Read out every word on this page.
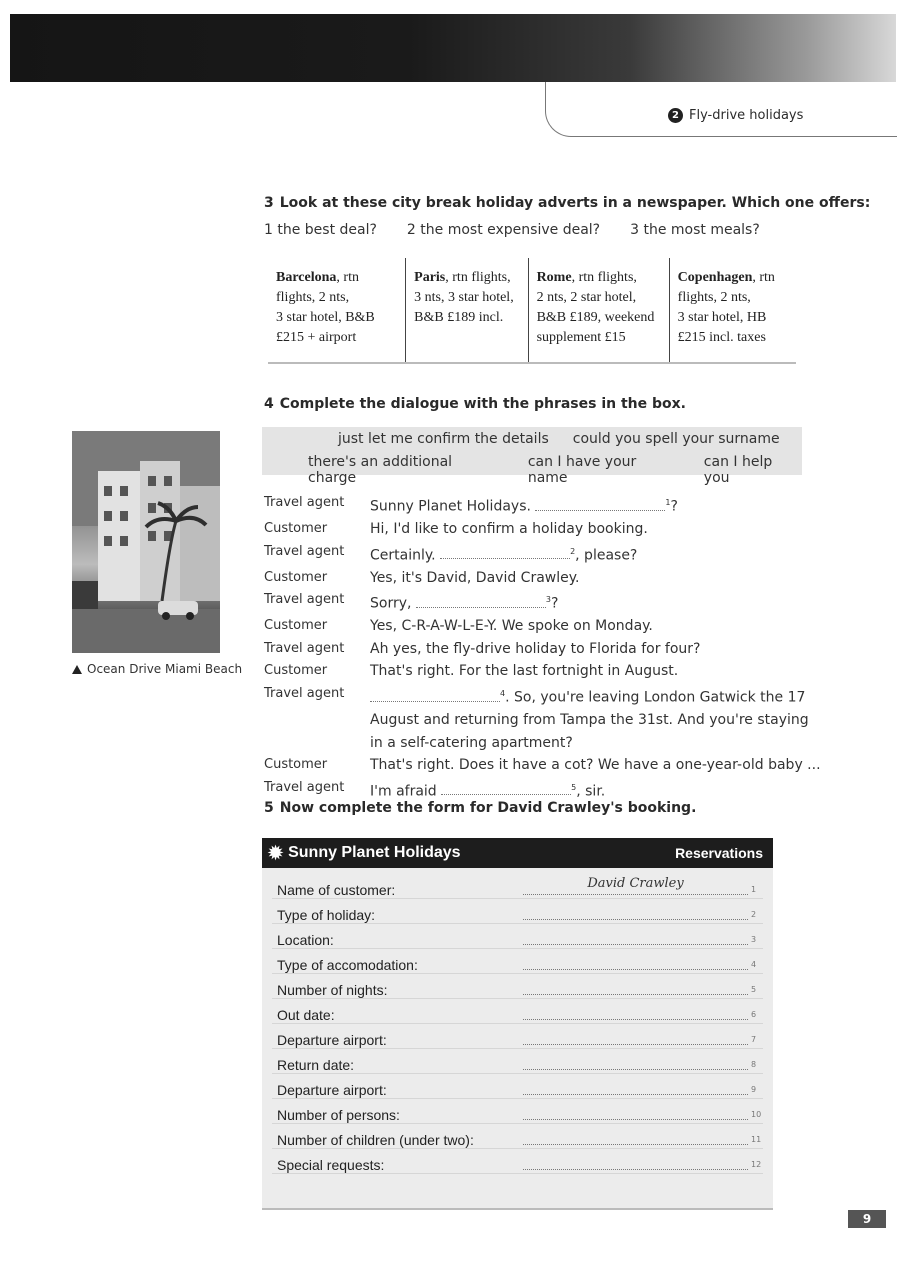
2 Fly-drive holidays
3 Look at these city break holiday adverts in a newspaper. Which one offers:
1 the best deal? 2 the most expensive deal? 3 the most meals?
Barcelona, rtn
flights, 2 nts,
3 star hotel, B&B
£215 + airport
Paris, rtn flights,
3 nts, 3 star hotel,
B&B £189 incl.
Rome, rtn flights,
2 nts, 2 star hotel,
B&B £189, weekend
supplement £15
Copenhagen, rtn
flights, 2 nts,
3 star hotel, HB
£215 incl. taxes
4 Complete the dialogue with the phrases in the box.
Ocean Drive Miami Beach
just let me confirm the details could you spell your surname
there's an additional charge
can I have your name
can I help you
Travel agent	Sunny Planet Holidays.	$^1$?
Customer	Hi, I'd like to confirm a holiday booking.
Travel agent	Certainly.	$^2$, please?
Customer	Yes, it's David, David Crawley.
Travel agent	Sorry,	$^3$?
Customer	Yes, C-R-A-W-L-E-Y. We spoke on Monday.
Travel agent	Ah yes, the fly-drive holiday to Florida for four?
Customer	That's right. For the last fortnight in August.
Travel agent	$^4$. So, you're leaving London Gatwick the 17 August and returning from Tampa the 31st. And you're staying in a self-catering apartment?
Customer	That's right. Does it have a cot? We have a one-year-old baby ...
Travel agent	I'm afraid	$^5$, sir.
5 Now complete the form for David Crawley's booking.
✹ Sunny Planet Holidays	Reservations
Name of customer:	David Crawley	1
Type of holiday:	2
Location:	3
Type of accomodation:	4
Number of nights:	5
Out date:	6
Departure airport:	7
Return date:	8
Departure airport:	9
Number of persons:	10
Number of children (under two):	11
Special requests:	12
9
